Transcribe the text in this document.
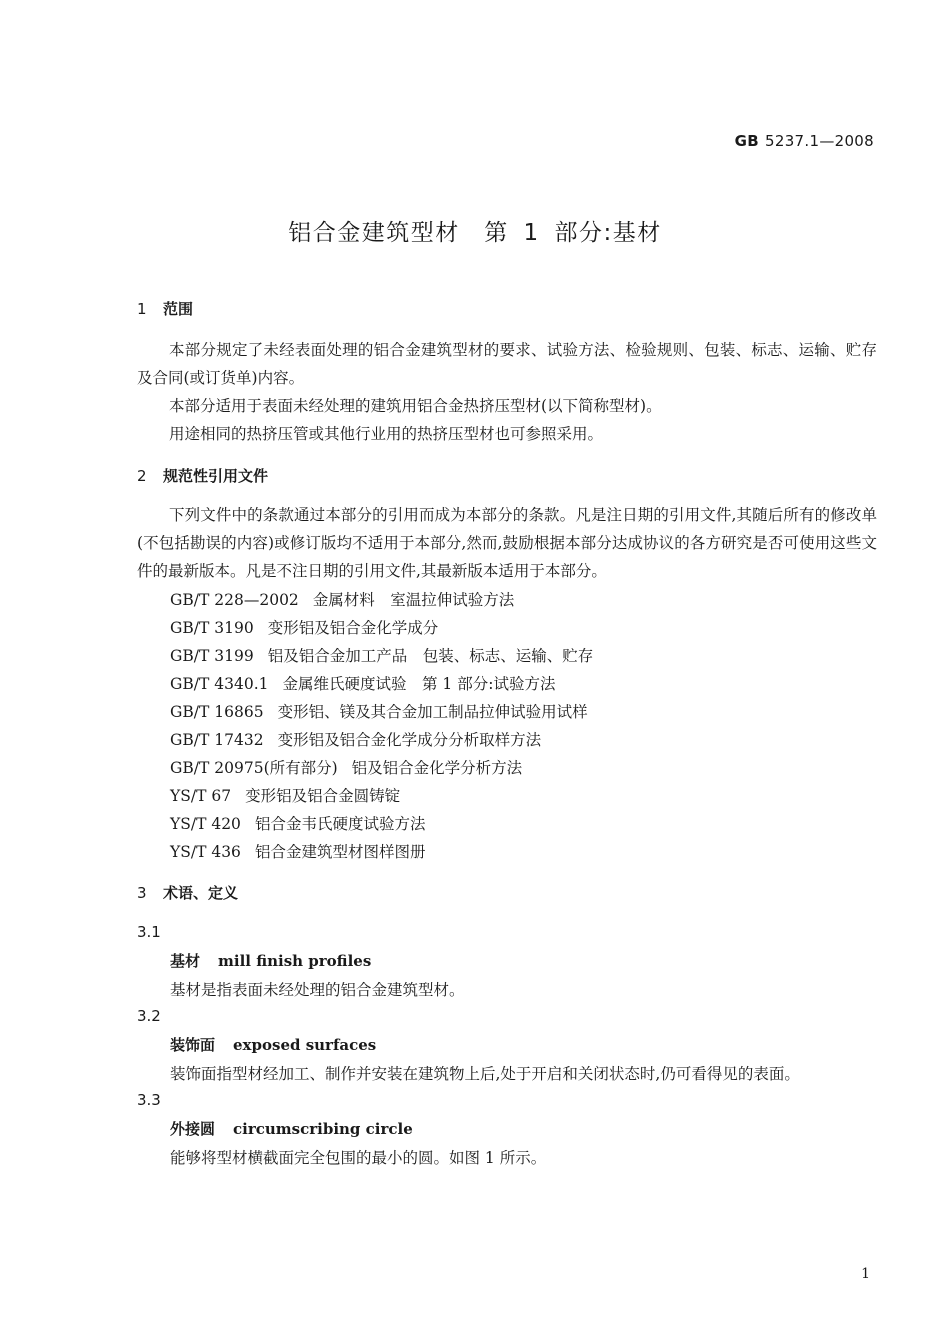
GB 5237.1—2008
铝合金建筑型材　第 1 部分:基材
1 范围
本部分规定了未经表面处理的铝合金建筑型材的要求、试验方法、检验规则、包装、标志、运输、贮存及合同(或订货单)内容。
本部分适用于表面未经处理的建筑用铝合金热挤压型材(以下简称型材)。
用途相同的热挤压管或其他行业用的热挤压型材也可参照采用。
2 规范性引用文件
下列文件中的条款通过本部分的引用而成为本部分的条款。凡是注日期的引用文件,其随后所有的修改单(不包括勘误的内容)或修订版均不适用于本部分,然而,鼓励根据本部分达成协议的各方研究是否可使用这些文件的最新版本。凡是不注日期的引用文件,其最新版本适用于本部分。
GB/T 228—2002 金属材料　室温拉伸试验方法
GB/T 3190 变形铝及铝合金化学成分
GB/T 3199 铝及铝合金加工产品　包装、标志、运输、贮存
GB/T 4340.1 金属维氏硬度试验　第 1 部分:试验方法
GB/T 16865 变形铝、镁及其合金加工制品拉伸试验用试样
GB/T 17432 变形铝及铝合金化学成分分析取样方法
GB/T 20975(所有部分) 铝及铝合金化学分析方法
YS/T 67 变形铝及铝合金圆铸锭
YS/T 420 铝合金韦氏硬度试验方法
YS/T 436 铝合金建筑型材图样图册
3 术语、定义
3.1
基材 mill finish profiles
基材是指表面未经处理的铝合金建筑型材。
3.2
装饰面 exposed surfaces
装饰面指型材经加工、制作并安装在建筑物上后,处于开启和关闭状态时,仍可看得见的表面。
3.3
外接圆 circumscribing circle
能够将型材横截面完全包围的最小的圆。如图 1 所示。
1
